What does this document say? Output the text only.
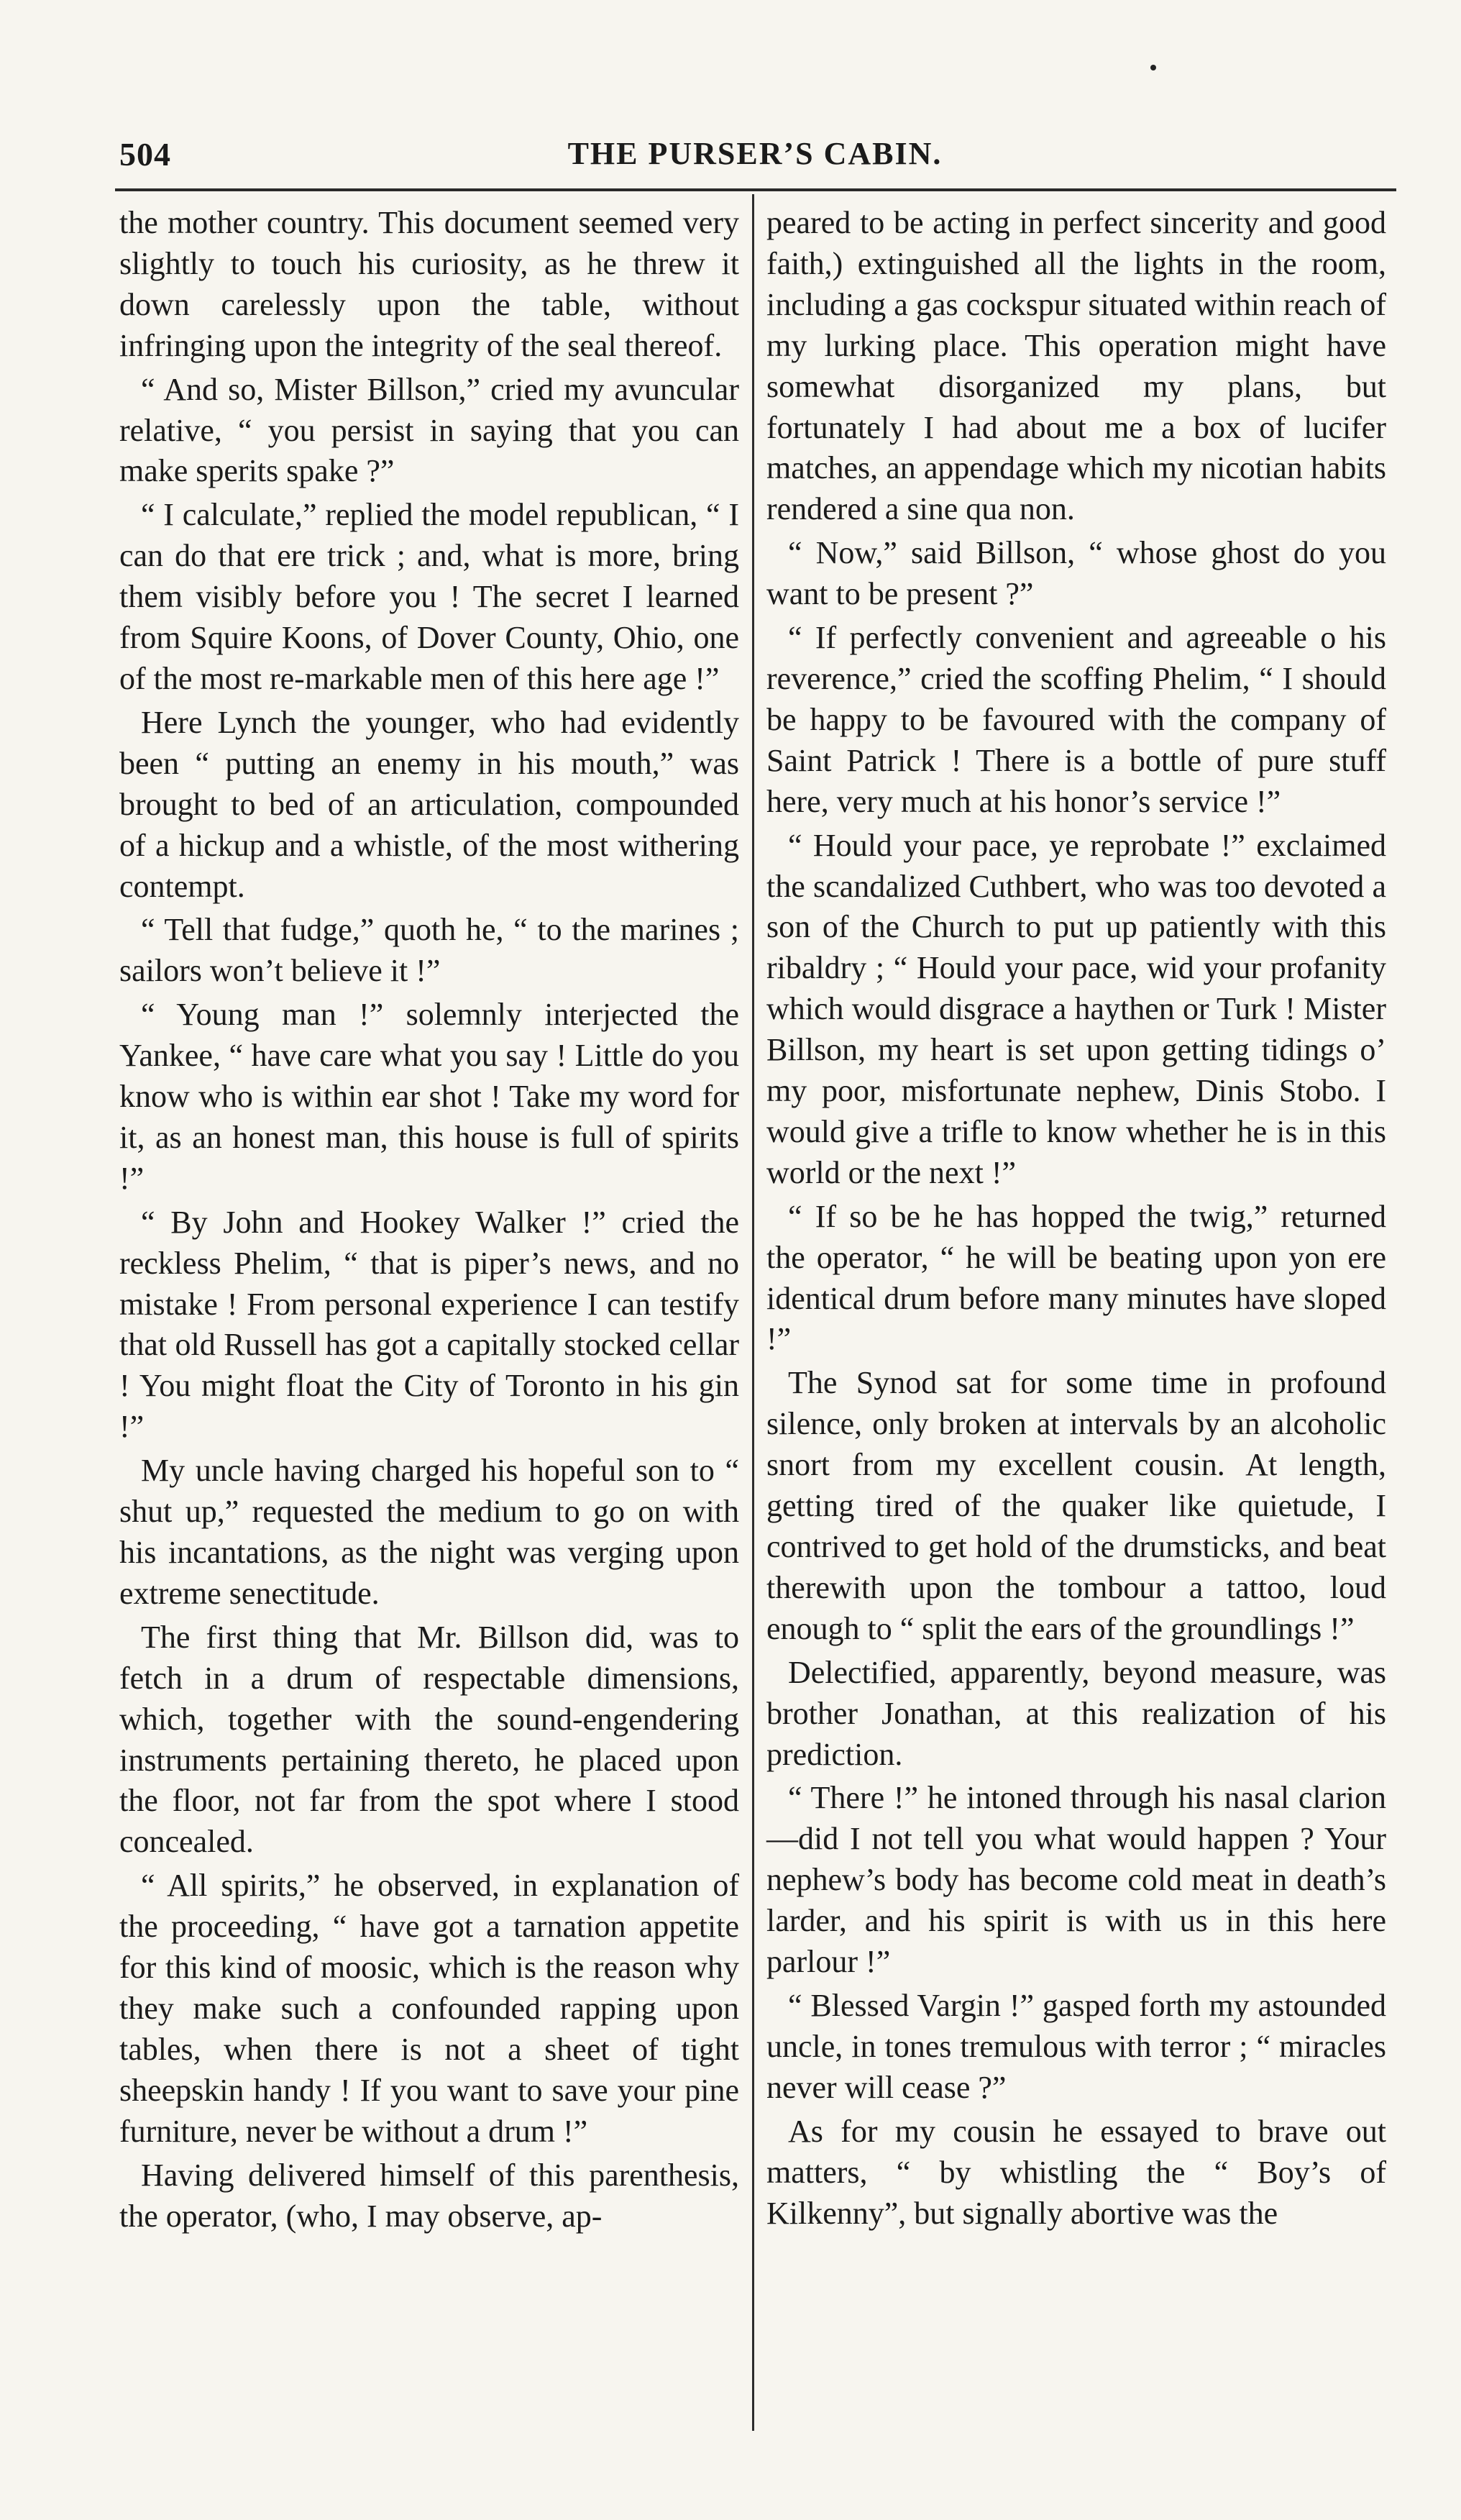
504	THE PURSER’S CABIN.

the mother country. This document seemed very slightly to touch his curiosity, as he threw it down carelessly upon the table, without infringing upon the integrity of the seal thereof.

“ And so, Mister Billson,” cried my avuncular relative, “ you persist in saying that you can make sperits spake ?”

“ I calculate,” replied the model republican, “ I can do that ere trick ; and, what is more, bring them visibly before you ! The secret I learned from Squire Koons, of Dover County, Ohio, one of the most re-markable men of this here age !”

Here Lynch the younger, who had evidently been “ putting an enemy in his mouth,” was brought to bed of an articulation, compounded of a hickup and a whistle, of the most withering contempt.

“ Tell that fudge,” quoth he, “ to the marines ; sailors won’t believe it !”

“ Young man !” solemnly interjected the Yankee, “ have care what you say ! Little do you know who is within ear shot ! Take my word for it, as an honest man, this house is full of spirits !”

“ By John and Hookey Walker !” cried the reckless Phelim, “ that is piper’s news, and no mistake ! From personal experience I can testify that old Russell has got a capitally stocked cellar ! You might float the City of Toronto in his gin !”

My uncle having charged his hopeful son to “ shut up,” requested the medium to go on with his incantations, as the night was verging upon extreme senectitude.

The first thing that Mr. Billson did, was to fetch in a drum of respectable dimensions, which, together with the sound-engendering instruments pertaining thereto, he placed upon the floor, not far from the spot where I stood concealed.

“ All spirits,” he observed, in explanation of the proceeding, “ have got a tarnation appetite for this kind of moosic, which is the reason why they make such a confounded rapping upon tables, when there is not a sheet of tight sheepskin handy ! If you want to save your pine furniture, never be without a drum !”

Having delivered himself of this parenthesis, the operator, (who, I may observe, ap-

peared to be acting in perfect sincerity and good faith,) extinguished all the lights in the room, including a gas cockspur situated within reach of my lurking place. This operation might have somewhat disorganized my plans, but fortunately I had about me a box of lucifer matches, an appendage which my nicotian habits rendered a sine qua non.

“ Now,” said Billson, “ whose ghost do you want to be present ?”

“ If perfectly convenient and agreeable o his reverence,” cried the scoffing Phelim, “ I should be happy to be favoured with the company of Saint Patrick ! There is a bottle of pure stuff here, very much at his honor’s service !”

“ Hould your pace, ye reprobate !” exclaimed the scandalized Cuthbert, who was too devoted a son of the Church to put up patiently with this ribaldry ; “ Hould your pace, wid your profanity which would disgrace a haythen or Turk ! Mister Billson, my heart is set upon getting tidings o’ my poor, misfortunate nephew, Dinis Stobo. I would give a trifle to know whether he is in this world or the next !”

“ If so be he has hopped the twig,” returned the operator, “ he will be beating upon yon ere identical drum before many minutes have sloped !”

The Synod sat for some time in profound silence, only broken at intervals by an alcoholic snort from my excellent cousin. At length, getting tired of the quaker like quietude, I contrived to get hold of the drumsticks, and beat therewith upon the tombour a tattoo, loud enough to “ split the ears of the groundlings !”

Delectified, apparently, beyond measure, was brother Jonathan, at this realization of his prediction.

“ There !” he intoned through his nasal clarion—did I not tell you what would happen ? Your nephew’s body has become cold meat in death’s larder, and his spirit is with us in this here parlour !”

“ Blessed Vargin !” gasped forth my astounded uncle, in tones tremulous with terror ; “ miracles never will cease ?”

As for my cousin he essayed to brave out matters, “ by whistling the “ Boy’s of Kilkenny”, but signally abortive was the
